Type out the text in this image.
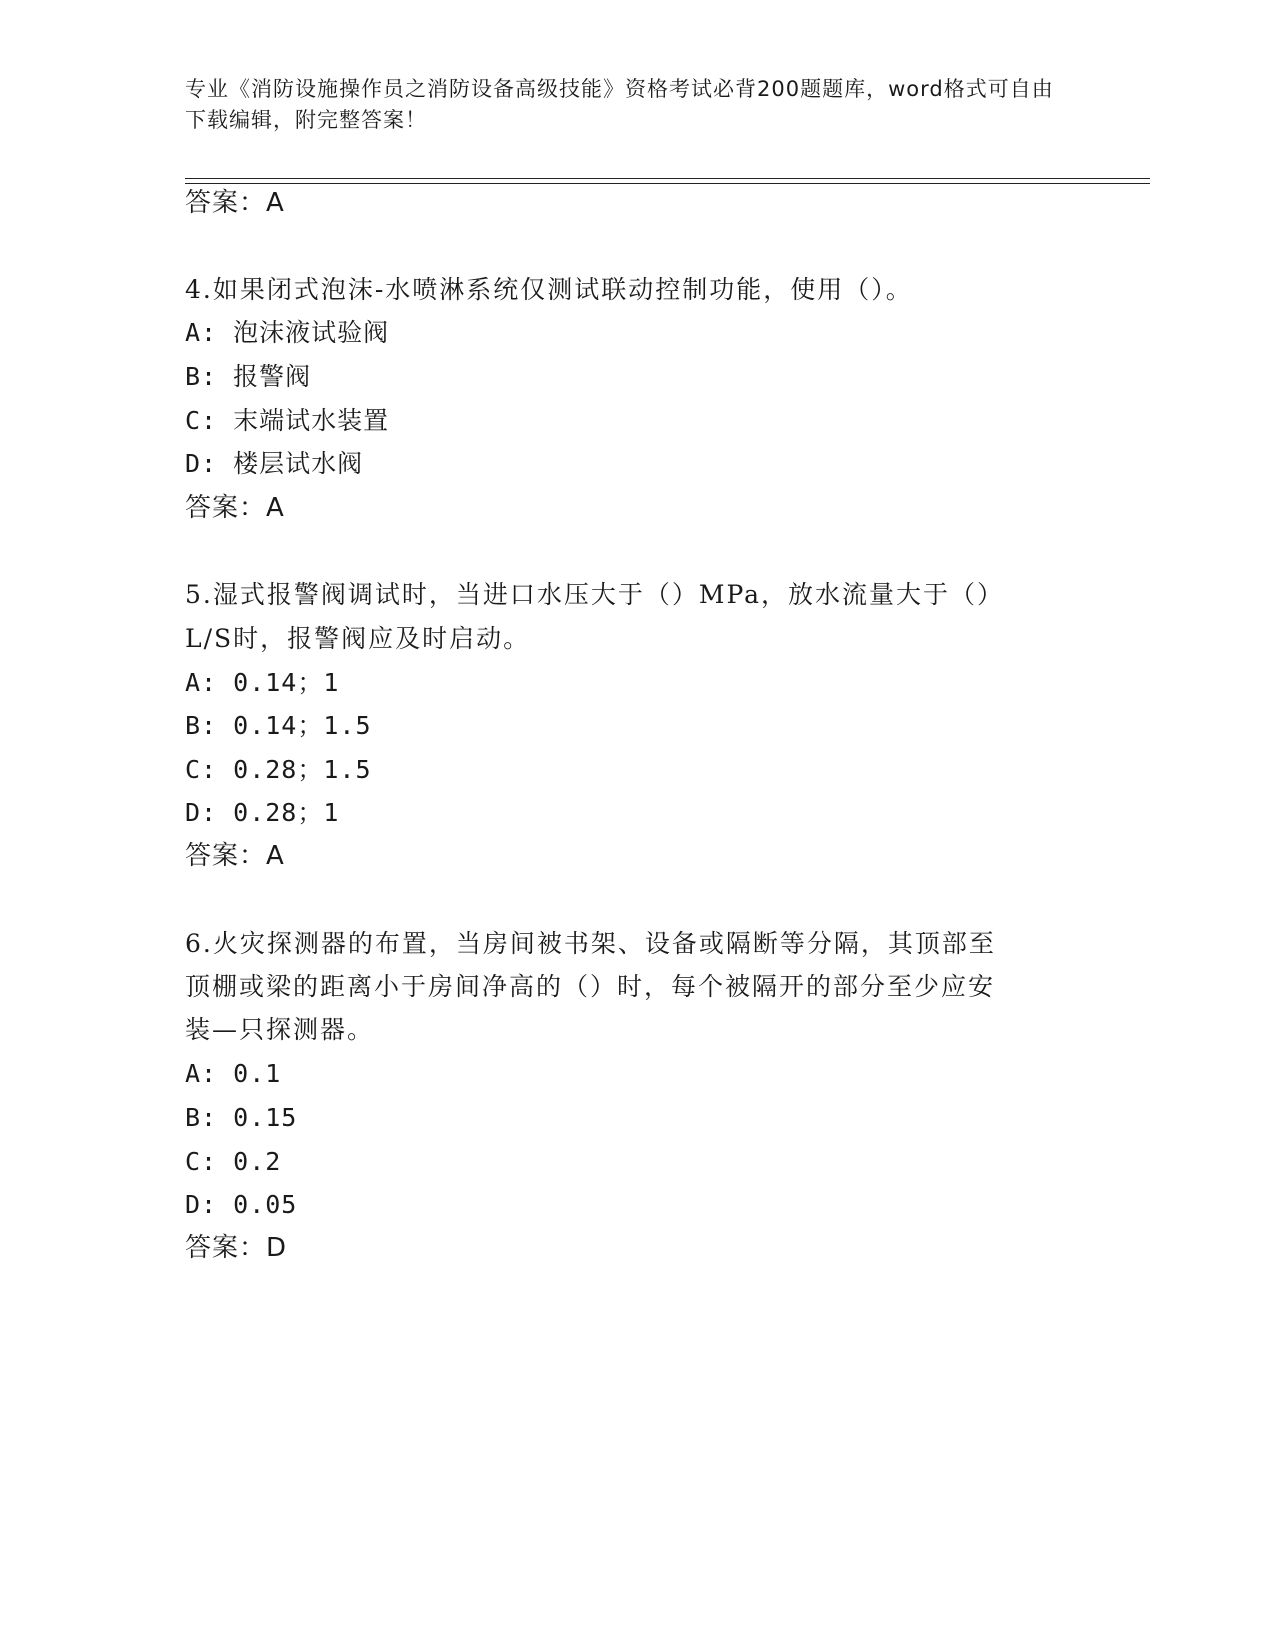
专业《消防设施操作员之消防设备高级技能》资格考试必背200题题库，word格式可自由下载编辑，附完整答案！
答案：A
4.如果闭式泡沫-水喷淋系统仅测试联动控制功能，使用（）。
A: 泡沫液试验阀
B: 报警阀
C: 末端试水装置
D: 楼层试水阀
答案：A
5.湿式报警阀调试时，当进口水压大于（）MPa，放水流量大于（）
L/S时，报警阀应及时启动。
A: 0.14；1
B: 0.14；1.5
C: 0.28；1.5
D: 0.28；1
答案：A
6.火灾探测器的布置，当房间被书架、设备或隔断等分隔，其顶部至
顶棚或梁的距离小于房间净高的（）时，每个被隔开的部分至少应安
装—只探测器。
A: 0.1
B: 0.15
C: 0.2
D: 0.05
答案：D
